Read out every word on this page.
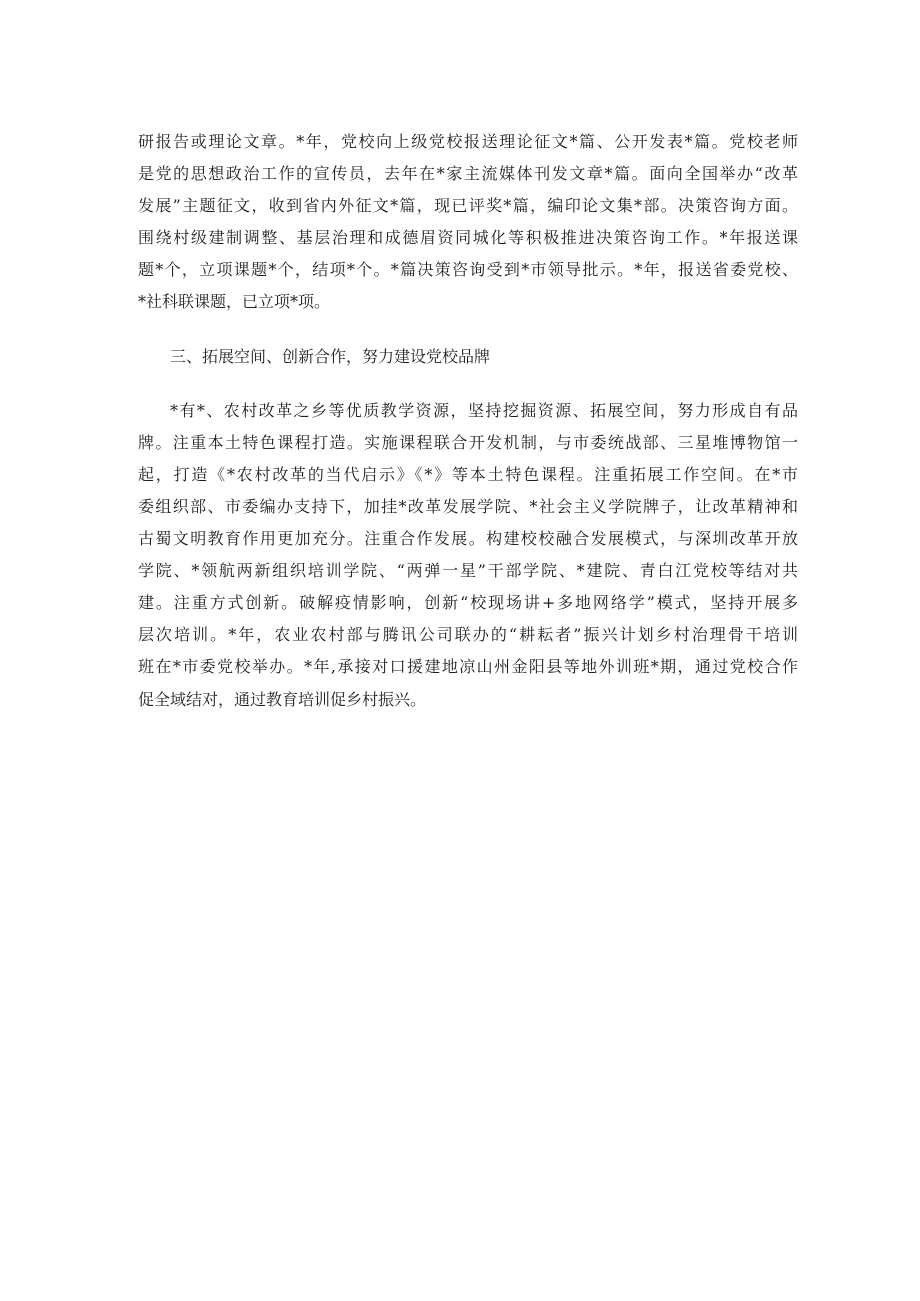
研报告或理论文章。*年，党校向上级党校报送理论征文*篇、公开发表*篇。党校老师
是党的思想政治工作的宣传员，去年在*家主流媒体刊发文章*篇。面向全国举办“改革
发展”主题征文，收到省内外征文*篇，现已评奖*篇，编印论文集*部。决策咨询方面。
围绕村级建制调整、基层治理和成德眉资同城化等积极推进决策咨询工作。*年报送课
题*个，立项课题*个，结项*个。*篇决策咨询受到*市领导批示。*年，报送省委党校、
*社科联课题，已立项*项。
三、拓展空间、创新合作，努力建设党校品牌
*有*、农村改革之乡等优质教学资源，坚持挖掘资源、拓展空间，努力形成自有品
牌。注重本土特色课程打造。实施课程联合开发机制，与市委统战部、三星堆博物馆一
起，打造《*农村改革的当代启示》《*》等本土特色课程。注重拓展工作空间。在*市
委组织部、市委编办支持下，加挂*改革发展学院、*社会主义学院牌子，让改革精神和
古蜀文明教育作用更加充分。注重合作发展。构建校校融合发展模式，与深圳改革开放
学院、*领航两新组织培训学院、“两弹一星”干部学院、*建院、青白江党校等结对共
建。注重方式创新。破解疫情影响，创新“校现场讲+多地网络学”模式，坚持开展多
层次培训。*年，农业农村部与腾讯公司联办的“耕耘者”振兴计划乡村治理骨干培训
班在*市委党校举办。*年,承接对口援建地凉山州金阳县等地外训班*期，通过党校合作
促全域结对，通过教育培训促乡村振兴。
